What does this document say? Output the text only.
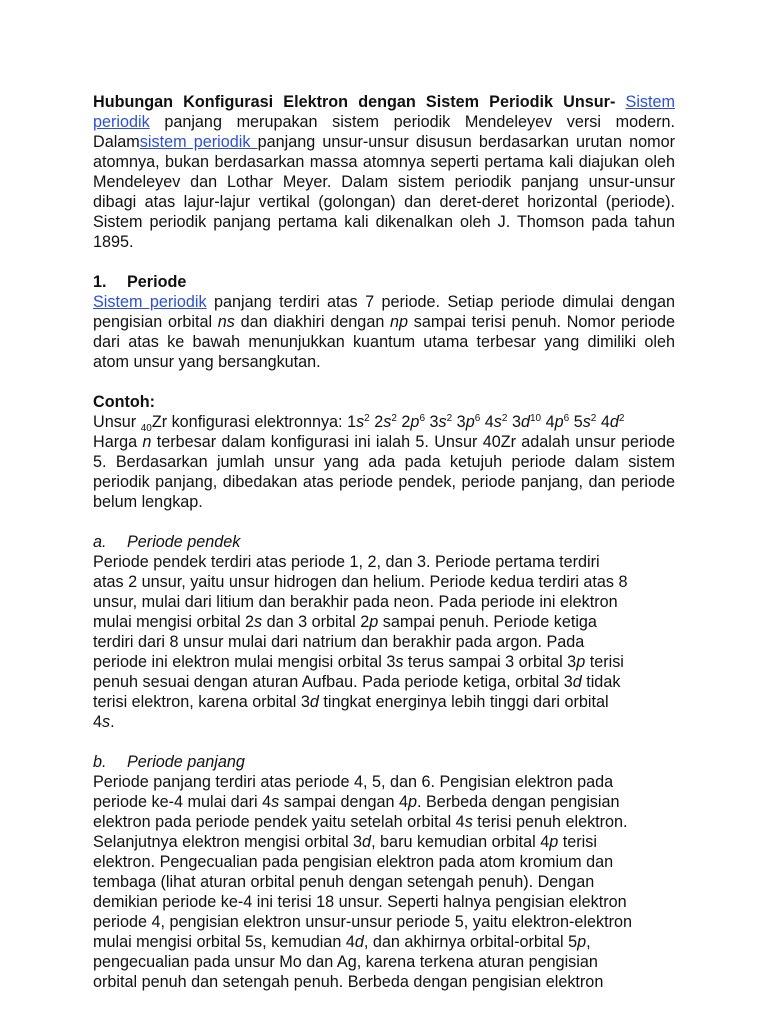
Hubungan Konfigurasi Elektron dengan Sistem Periodik Unsur- Sistem periodik panjang merupakan sistem periodik Mendeleyev versi modern. Dalamsistem periodik panjang unsur-unsur disusun berdasarkan urutan nomor atomnya, bukan berdasarkan massa atomnya seperti pertama kali diajukan oleh Mendeleyev dan Lothar Meyer. Dalam sistem periodik panjang unsur-unsur dibagi atas lajur-lajur vertikal (golongan) dan deret-deret horizontal (periode). Sistem periodik panjang pertama kali dikenalkan oleh J. Thomson pada tahun 1895.

1. Periode

Sistem periodik panjang terdiri atas 7 periode. Setiap periode dimulai dengan pengisian orbital ns dan diakhiri dengan np sampai terisi penuh. Nomor periode dari atas ke bawah menunjukkan kuantum utama terbesar yang dimiliki oleh atom unsur yang bersangkutan.

Contoh:

Unsur $_{40}$Zr konfigurasi elektronnya: $1s^2$ $2s^2$ $2p^6$ $3s^2$ $3p^6$ $4s^2$ $3d^{10}$ $4p^6$ $5s^2$ $4d^2$

Harga n terbesar dalam konfigurasi ini ialah 5. Unsur 40Zr adalah unsur periode 5. Berdasarkan jumlah unsur yang ada pada ketujuh periode dalam sistem periodik panjang, dibedakan atas periode pendek, periode panjang, dan periode belum lengkap.

a. Periode pendek

Periode pendek terdiri atas periode 1, 2, dan 3. Periode pertama terdiri

atas 2 unsur, yaitu unsur hidrogen dan helium. Periode kedua terdiri atas 8

unsur, mulai dari litium dan berakhir pada neon. Pada periode ini elektron

mulai mengisi orbital 2s dan 3 orbital 2p sampai penuh. Periode ketiga

terdiri dari 8 unsur mulai dari natrium dan berakhir pada argon. Pada

periode ini elektron mulai mengisi orbital 3s terus sampai 3 orbital 3p terisi

penuh sesuai dengan aturan Aufbau. Pada periode ketiga, orbital 3d tidak

terisi elektron, karena orbital 3d tingkat energinya lebih tinggi dari orbital

4s.

b. Periode panjang

Periode panjang terdiri atas periode 4, 5, dan 6. Pengisian elektron pada

periode ke-4 mulai dari 4s sampai dengan 4p. Berbeda dengan pengisian

elektron pada periode pendek yaitu setelah orbital 4s terisi penuh elektron.

Selanjutnya elektron mengisi orbital 3d, baru kemudian orbital 4p terisi

elektron. Pengecualian pada pengisian elektron pada atom kromium dan

tembaga (lihat aturan orbital penuh dengan setengah penuh). Dengan

demikian periode ke-4 ini terisi 18 unsur. Seperti halnya pengisian elektron

periode 4, pengisian elektron unsur-unsur periode 5, yaitu elektron-elektron

mulai mengisi orbital 5s, kemudian 4d, dan akhirnya orbital-orbital 5p,

pengecualian pada unsur Mo dan Ag, karena terkena aturan pengisian

orbital penuh dan setengah penuh. Berbeda dengan pengisian elektron
